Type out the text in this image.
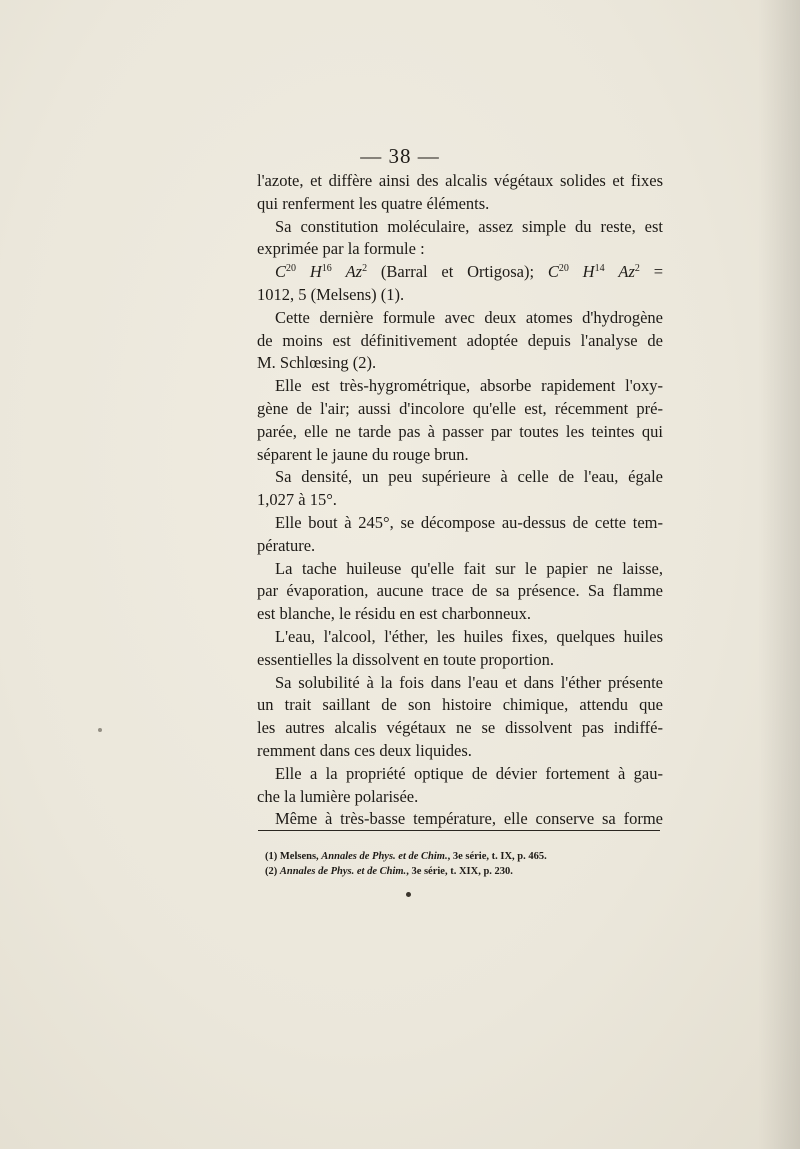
— 38 —
l'azote, et diffère ainsi des alcalis végétaux solides et fixes
qui renferment les quatre éléments.
Sa constitution moléculaire, assez simple du reste, est
exprimée par la formule :
$C^{20}$ $H^{16}$ Az$^2$ (Barral et Ortigosa); $C^{20}$ $H^{14}$ $Az^2$ =
1012, 5 (Melsens) (1).
Cette dernière formule avec deux atomes d'hydrogène
de moins est définitivement adoptée depuis l'analyse de
M. Schlœsing (2).
Elle est très-hygrométrique, absorbe rapidement l'oxy-
gène de l'air; aussi d'incolore qu'elle est, récemment pré-
parée, elle ne tarde pas à passer par toutes les teintes qui
séparent le jaune du rouge brun.
Sa densité, un peu supérieure à celle de l'eau, égale
1,027 à 15°.
Elle bout à 245°, se décompose au-dessus de cette tem-
pérature.
La tache huileuse qu'elle fait sur le papier ne laisse,
par évaporation, aucune trace de sa présence. Sa flamme
est blanche, le résidu en est charbonneux.
L'eau, l'alcool, l'éther, les huiles fixes, quelques huiles
essentielles la dissolvent en toute proportion.
Sa solubilité à la fois dans l'eau et dans l'éther présente
un trait saillant de son histoire chimique, attendu que
les autres alcalis végétaux ne se dissolvent pas indiffé-
remment dans ces deux liquides.
Elle a la propriété optique de dévier fortement à gau-
che la lumière polarisée.
Même à très-basse température, elle conserve sa forme
(1) Melsens, Annales de Phys. et de Chim., 3e série, t. IX, p. 465.
(2) Annales de Phys. et de Chim., 3e série, t. XIX, p. 230.
